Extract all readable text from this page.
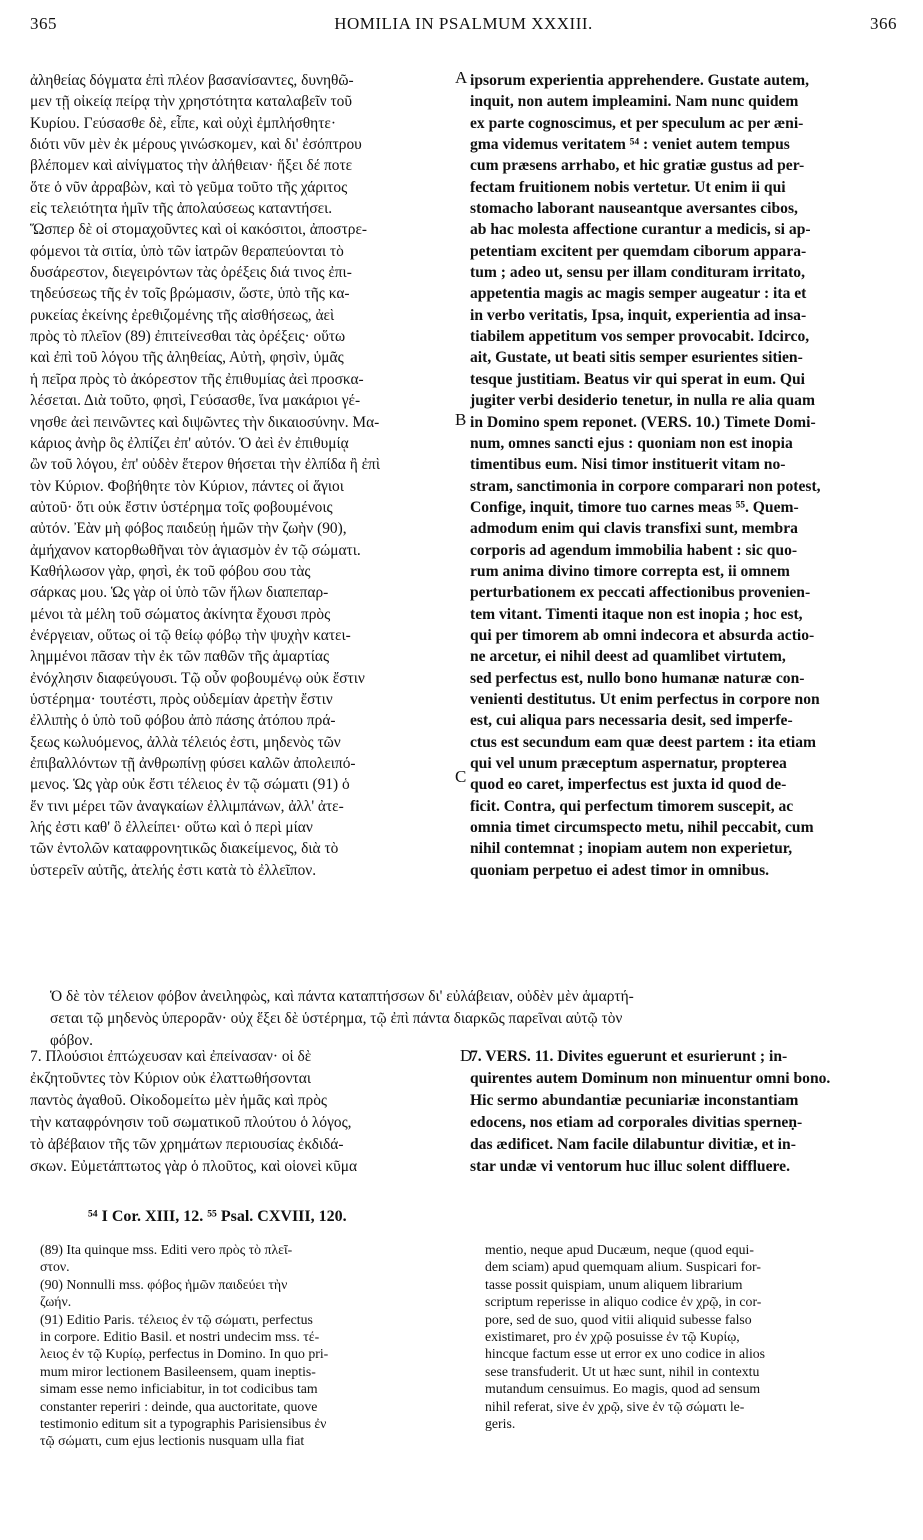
365	HOMILIA IN PSALMUM XXXIII.	366
ἀληθείας δόγματα ἐπὶ πλέον βασανίσαντες, δυνηθῶ-
μεν τῇ οἰκείᾳ πείρᾳ τὴν χρηστότητα καταλαβεῖν τοῦ
Κυρίου. Γεύσασθε δὲ, εἶπε, καὶ οὐχὶ ἐμπλήσθητε·
διότι νῦν μὲν ἐκ μέρους γινώσκομεν, καὶ δι' ἐσόπτρου
βλέπομεν καὶ αἰνίγματος τὴν ἀλήθειαν· ἥξει δέ ποτε
ὅτε ὁ νῦν ἀρραβὼν, καὶ τὸ γεῦμα τοῦτο τῆς χάριτος
εἰς τελειότητα ἡμῖν τῆς ἀπολαύσεως καταντήσει.
Ὥσπερ δὲ οἱ στομαχοῦντες καὶ οἱ κακόσιτοι, ἀποστρε-
φόμενοι τὰ σιτία, ὑπὸ τῶν ἰατρῶν θεραπεύονται τὸ
δυσάρεστον, διεγειρόντων τὰς ὀρέξεις διά τινος ἐπι-
τηδεύσεως τῆς ἐν τοῖς βρώμασιν, ὥστε, ὑπὸ τῆς κα-
ρυκείας ἐκείνης ἐρεθιζομένης τῆς αἰσθήσεως, ἀεὶ
πρὸς τὸ πλεῖον (89) ἐπιτείνεσθαι τὰς ὀρέξεις· οὕτω
καὶ ἐπὶ τοῦ λόγου τῆς ἀληθείας, Αὐτὴ, φησὶν, ὑμᾶς
ἡ πεῖρα πρὸς τὸ ἀκόρεστον τῆς ἐπιθυμίας ἀεὶ προσκα-
λέσεται. Διὰ τοῦτο, φησὶ, Γεύσασθε, ἵνα μακάριοι γέ-
νησθε ἀεὶ πεινῶντες καὶ διψῶντες τὴν δικαιοσύνην. Μα-
κάριος ἀνὴρ ὃς ἐλπίζει ἐπ' αὐτόν. Ὁ ἀεὶ ἐν ἐπιθυμίᾳ
ὢν τοῦ λόγου, ἐπ' οὐδὲν ἕτερον θήσεται τὴν ἐλπίδα ἢ ἐπὶ
τὸν Κύριον. Φοβήθητε τὸν Κύριον, πάντες οἱ ἅγιοι
αὐτοῦ· ὅτι οὐκ ἔστιν ὑστέρημα τοῖς φοβουμένοις
αὐτόν. Ἐὰν μὴ φόβος παιδεύῃ ἡμῶν τὴν ζωὴν (90),
ἀμήχανον κατορθωθῆναι τὸν ἁγιασμὸν ἐν τῷ σώματι.
Καθήλωσον γὰρ, φησὶ, ἐκ τοῦ φόβου σου τὰς
σάρκας μου. Ὡς γὰρ οἱ ὑπὸ τῶν ἥλων διαπεπαρ-
μένοι τὰ μέλη τοῦ σώματος ἀκίνητα ἔχουσι πρὸς
ἐνέργειαν, οὕτως οἱ τῷ θείῳ φόβῳ τὴν ψυχὴν κατει-
λημμένοι πᾶσαν τὴν ἐκ τῶν παθῶν τῆς ἁμαρτίας
ἐνόχλησιν διαφεύγουσι. Τῷ οὖν φοβουμένῳ οὐκ ἔστιν
ὑστέρημα· τουτέστι, πρὸς οὐδεμίαν ἀρετὴν ἔστιν
ἐλλιπὴς ὁ ὑπὸ τοῦ φόβου ἀπὸ πάσης ἀτόπου πρά-
ξεως κωλυόμενος, ἀλλὰ τέλειός ἐστι, μηδενὸς τῶν
ἐπιβαλλόντων τῇ ἀνθρωπίνῃ φύσει καλῶν ἀπολειπό-
μενος. Ὡς γὰρ οὐκ ἔστι τέλειος ἐν τῷ σώματι (91) ὁ
ἔν τινι μέρει τῶν ἀναγκαίων ἐλλιμπάνων, ἀλλ' ἀτε-
λής ἐστι καθ' ὃ ἐλλείπει· οὕτω καὶ ὁ περὶ μίαν
τῶν ἐντολῶν καταφρονητικῶς διακείμενος, διὰ τὸ
ὑστερεῖν αὐτῆς, ἀτελής ἐστι κατὰ τὸ ἐλλεῖπον.
ipsorum experientia apprehendere. Gustate autem,
inquit, non autem impleamini. Nam nunc quidem
ex parte cognoscimus, et per speculum ac per æni-
gma videmus veritatem ⁵⁴ : veniet autem tempus
cum præsens arrhabo, et hic gratiæ gustus ad per-
fectam fruitionem nobis vertetur. Ut enim ii qui
stomacho laborant nauseantque aversantes cibos,
ab hac molesta affectione curantur a medicis, si ap-
petentiam excitent per quemdam ciborum appara-
tum ; adeo ut, sensu per illam condituram irritato,
appetentia magis ac magis semper augeatur : ita et
in verbo veritatis, Ipsa, inquit, experientia ad insa-
tiabilem appetitum vos semper provocabit. Idcirco,
ait, Gustate, ut beati sitis semper esurientes sitien-
tesque justitiam. Beatus vir qui sperat in eum. Qui
jugiter verbi desiderio tenetur, in nulla re alia quam
in Domino spem reponet. (VERS. 10.) Timete Domi-
num, omnes sancti ejus : quoniam non est inopia
timentibus eum. Nisi timor instituerit vitam no-
stram, sanctimonia in corpore comparari non potest,
Confige, inquit, timore tuo carnes meas ⁵⁵. Quem-
admodum enim qui clavis transfixi sunt, membra
corporis ad agendum immobilia habent : sic quo-
rum anima divino timore correpta est, ii omnem
perturbationem ex peccati affectionibus provenien-
tem vitant. Timenti itaque non est inopia ; hoc est,
qui per timorem ab omni indecora et absurda actio-
ne arcetur, ei nihil deest ad quamlibet virtutem,
sed perfectus est, nullo bono humanæ naturæ con-
venienti destitutus. Ut enim perfectus in corpore non
est, cui aliqua pars necessaria desit, sed imperfe-
ctus est secundum eam quæ deest partem : ita etiam
qui vel unum præceptum aspernatur, propterea
quod eo caret, imperfectus est juxta id quod de-
ficit. Contra, qui perfectum timorem suscepit, ac
omnia timet circumspecto metu, nihil peccabit, cum
nihil contemnat ; inopiam autem non experietur,
quoniam perpetuo ei adest timor in omnibus.
A
B
C
Ὁ δὲ τὸν τέλειον φόβον ἀνειληφὼς, καὶ πάντα καταπτήσσων δι' εὐλάβειαν, οὐδὲν μὲν ἁμαρτή-
σεται τῷ μηδενὸς ὑπερορᾶν· οὐχ ἕξει δὲ ὑστέρημα, τῷ ἐπὶ πάντα διαρκῶς παρεῖναι αὐτῷ τὸν
φόβον.
7. Πλούσιοι ἐπτώχευσαν καὶ ἐπείνασαν· οἱ δὲ
ἐκζητοῦντες τὸν Κύριον οὐκ ἐλαττωθήσονται
παντὸς ἀγαθοῦ. Οἰκοδομείτω μὲν ἡμᾶς καὶ πρὸς
τὴν καταφρόνησιν τοῦ σωματικοῦ πλούτου ὁ λόγος,
τὸ ἀβέβαιον τῆς τῶν χρημάτων περιουσίας ἐκδιδά-
σκων. Εὐμετάπτωτος γὰρ ὁ πλοῦτος, καὶ οἱονεὶ κῦμα
D
7. VERS. 11. Divites eguerunt et esurierunt ; in-
quirentes autem Dominum non minuentur omni bono.
Hic sermo abundantiæ pecuniariæ inconstantiam
edocens, nos etiam ad corporales divitias sperneṇ-
das ædificet. Nam facile dilabuntur divitiæ, et in-
star undæ vi ventorum huc illuc solent diffluere.
⁵⁴ I Cor. XIII, 12. ⁵⁵ Psal. CXVIII, 120.
(89) Ita quinque mss. Editi vero πρὸς τὸ πλεῖ-
στον.
(90) Nonnulli mss. φόβος ἡμῶν παιδεύει τὴν
ζωήν.
(91) Editio Paris. τέλειος ἐν τῷ σώματι, perfectus
in corpore. Editio Basil. et nostri undecim mss. τέ-
λειος ἐν τῷ Κυρίῳ, perfectus in Domino. In quo pri-
mum miror lectionem Basileensem, quam ineptis-
simam esse nemo inficiabitur, in tot codicibus tam
constanter reperiri : deinde, qua auctoritate, quove
testimonio editum sit a typographis Parisiensibus ἐν
τῷ σώματι, cum ejus lectionis nusquam ulla fiat
mentio, neque apud Ducæum, neque (quod equi-
dem sciam) apud quemquam alium. Suspicari for-
tasse possit quispiam, unum aliquem librarium
scriptum reperisse in aliquo codice ἐν χρῷ, in cor-
pore, sed de suo, quod vitii aliquid subesse falso
existimaret, pro ἐν χρῷ posuisse ἐν τῷ Κυρίῳ,
hincque factum esse ut error ex uno codice in alios
sese transfuderit. Ut ut hæc sunt, nihil in contextu
mutandum censuimus. Eo magis, quod ad sensum
nihil referat, sive ἐν χρῷ, sive ἐν τῷ σώματι le-
geris.
